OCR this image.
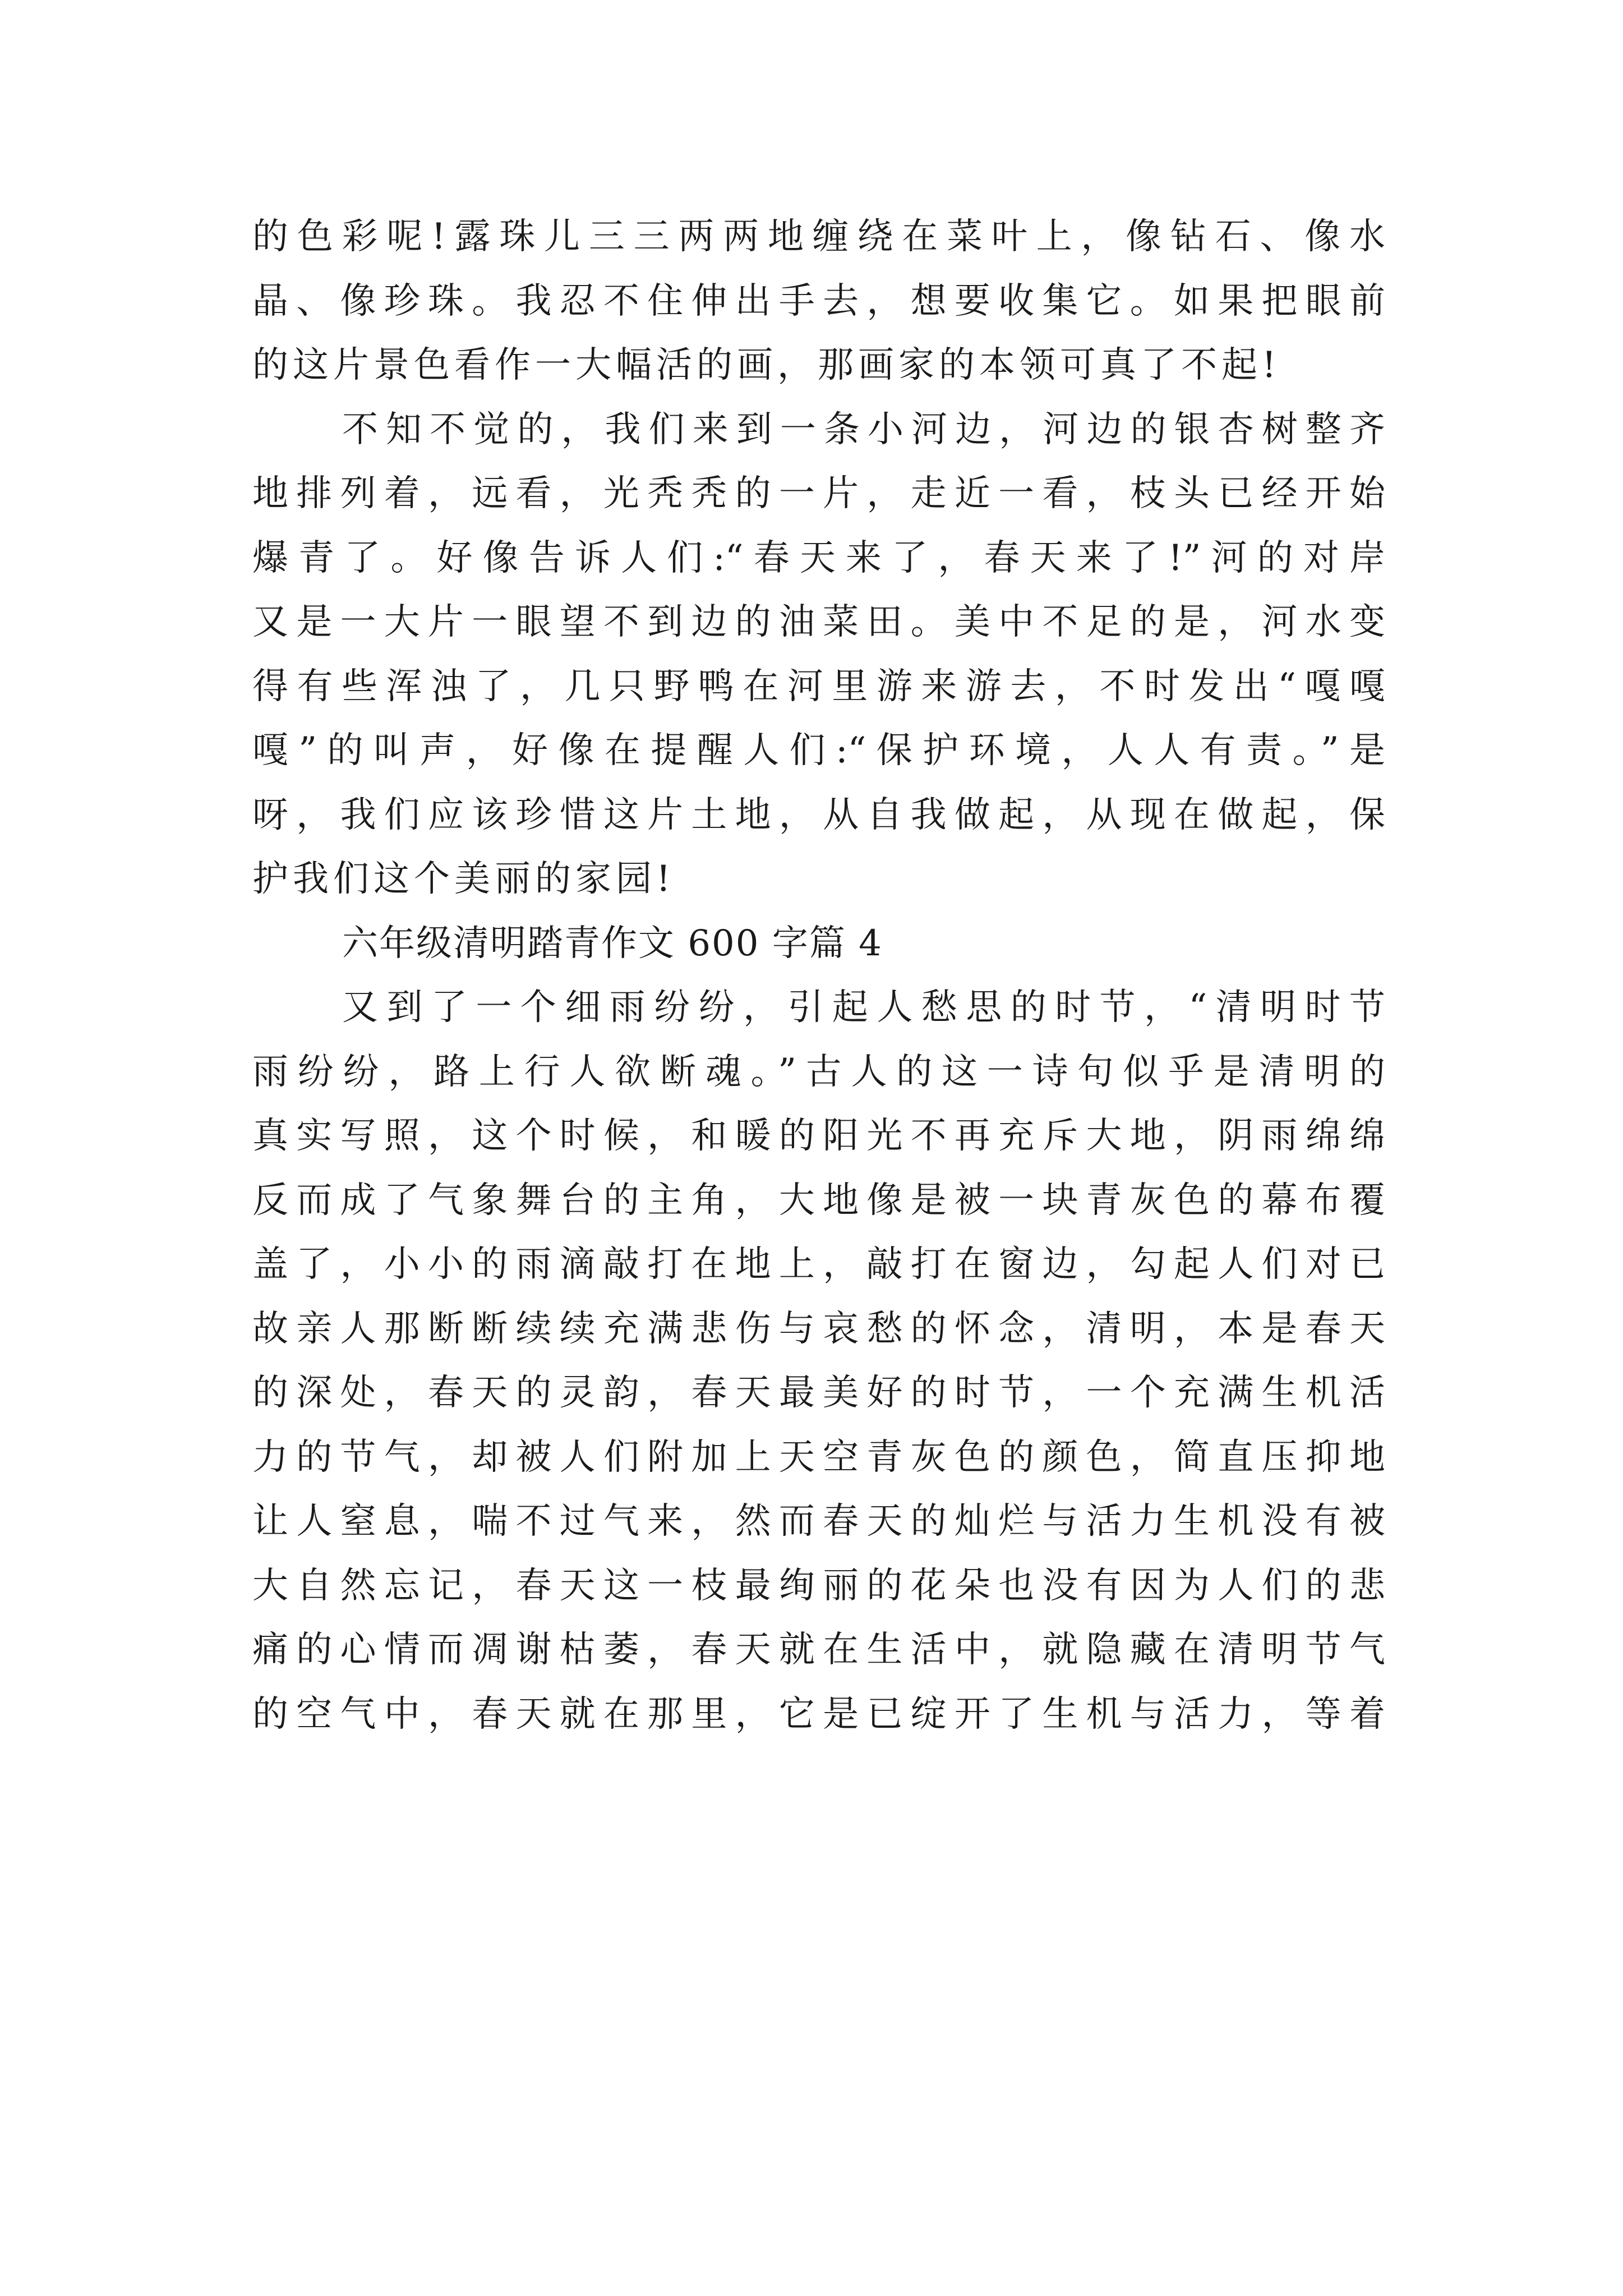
的色彩呢!露珠儿三三两两地缠绕在菜叶上，像钻石、像水
晶、像珍珠。我忍不住伸出手去，想要收集它。如果把眼前
的这片景色看作一大幅活的画，那画家的本领可真了不起!
不知不觉的，我们来到一条小河边，河边的银杏树整齐
地排列着，远看，光秃秃的一片，走近一看，枝头已经开始
爆青了。好像告诉人们:“春天来了，春天来了!”河的对岸
又是一大片一眼望不到边的油菜田。美中不足的是，河水变
得有些浑浊了，几只野鸭在河里游来游去，不时发出“嘎嘎
嘎”的叫声，好像在提醒人们:“保护环境，人人有责。”是
呀，我们应该珍惜这片土地，从自我做起，从现在做起，保
护我们这个美丽的家园!
六年级清明踏青作文 600 字篇 4
又到了一个细雨纷纷，引起人愁思的时节，“清明时节
雨纷纷，路上行人欲断魂。”古人的这一诗句似乎是清明的
真实写照，这个时候，和暖的阳光不再充斥大地，阴雨绵绵
反而成了气象舞台的主角，大地像是被一块青灰色的幕布覆
盖了，小小的雨滴敲打在地上，敲打在窗边，勾起人们对已
故亲人那断断续续充满悲伤与哀愁的怀念，清明，本是春天
的深处，春天的灵韵，春天最美好的时节，一个充满生机活
力的节气，却被人们附加上天空青灰色的颜色，简直压抑地
让人窒息，喘不过气来，然而春天的灿烂与活力生机没有被
大自然忘记，春天这一枝最绚丽的花朵也没有因为人们的悲
痛的心情而凋谢枯萎，春天就在生活中，就隐藏在清明节气
的空气中，春天就在那里，它是已绽开了生机与活力，等着
